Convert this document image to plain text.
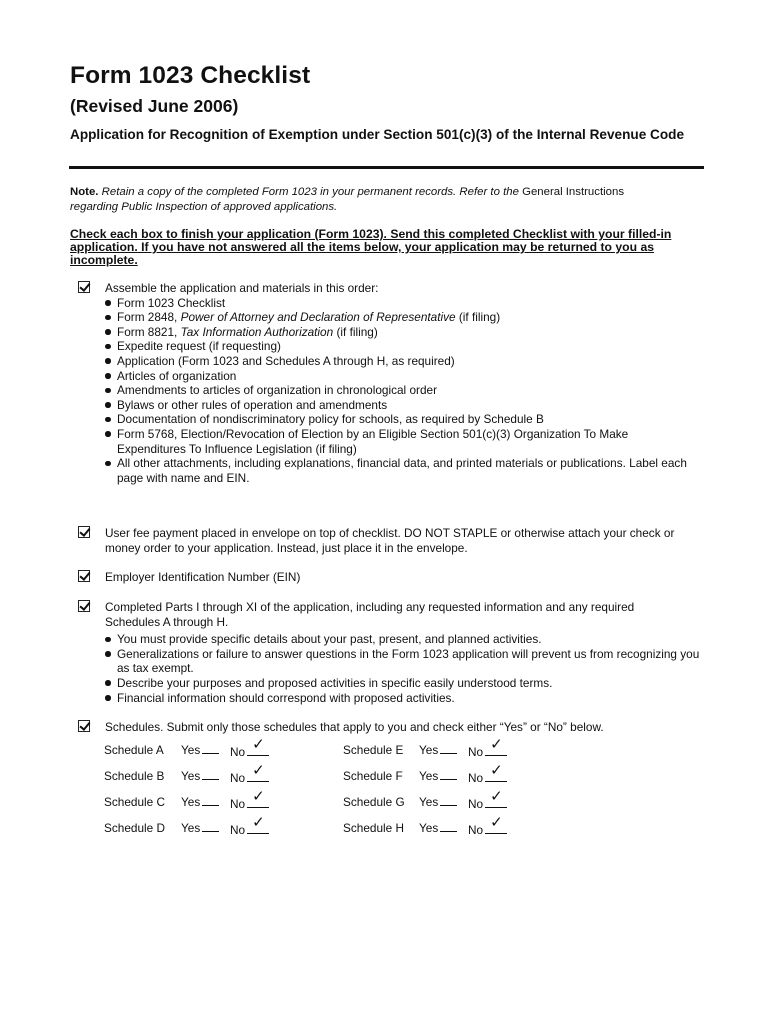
Form 1023 Checklist
(Revised June 2006)
Application for Recognition of Exemption under Section 501(c)(3) of the Internal Revenue Code
Note. Retain a copy of the completed Form 1023 in your permanent records. Refer to the General Instructions
regarding Public Inspection of approved applications.
Check each box to finish your application (Form 1023). Send this completed Checklist with your filled-in application. If you have not answered all the items below, your application may be returned to you as incomplete.

Assemble the application and materials in this order:

Form 1023 Checklist
Form 2848, Power of Attorney and Declaration of Representative (if filing)
Form 8821, Tax Information Authorization (if filing)
Expedite request (if requesting)
Application (Form 1023 and Schedules A through H, as required)
Articles of organization
Amendments to articles of organization in chronological order
Bylaws or other rules of operation and amendments
Documentation of nondiscriminatory policy for schools, as required by Schedule B
Form 5768, Election/Revocation of Election by an Eligible Section 501(c)(3) Organization To Make Expenditures To Influence Legislation (if filing)
All other attachments, including explanations, financial data, and printed materials or publications. Label each page with name and EIN.
User fee payment placed in envelope on top of checklist. DO NOT STAPLE or otherwise attach your check or money order to your application. Instead, just place it in the envelope.
Employer Identification Number (EIN)

Completed Parts I through XI of the application, including any requested information and any required Schedules A through H.

You must provide specific details about your past, present, and planned activities.
Generalizations or failure to answer questions in the Form 1023 application will prevent us from recognizing you as tax exempt.
Describe your purposes and proposed activities in specific easily understood terms.
Financial information should correspond with proposed activities.
Schedules. Submit only those schedules that apply to you and check either “Yes” or “No” below.
Schedule A Yes	No ✓
Schedule B Yes	No ✓
Schedule C Yes	No ✓
Schedule D Yes	No ✓
Schedule E Yes	No ✓
Schedule F Yes	No ✓
Schedule G Yes	No ✓
Schedule H Yes	No ✓
